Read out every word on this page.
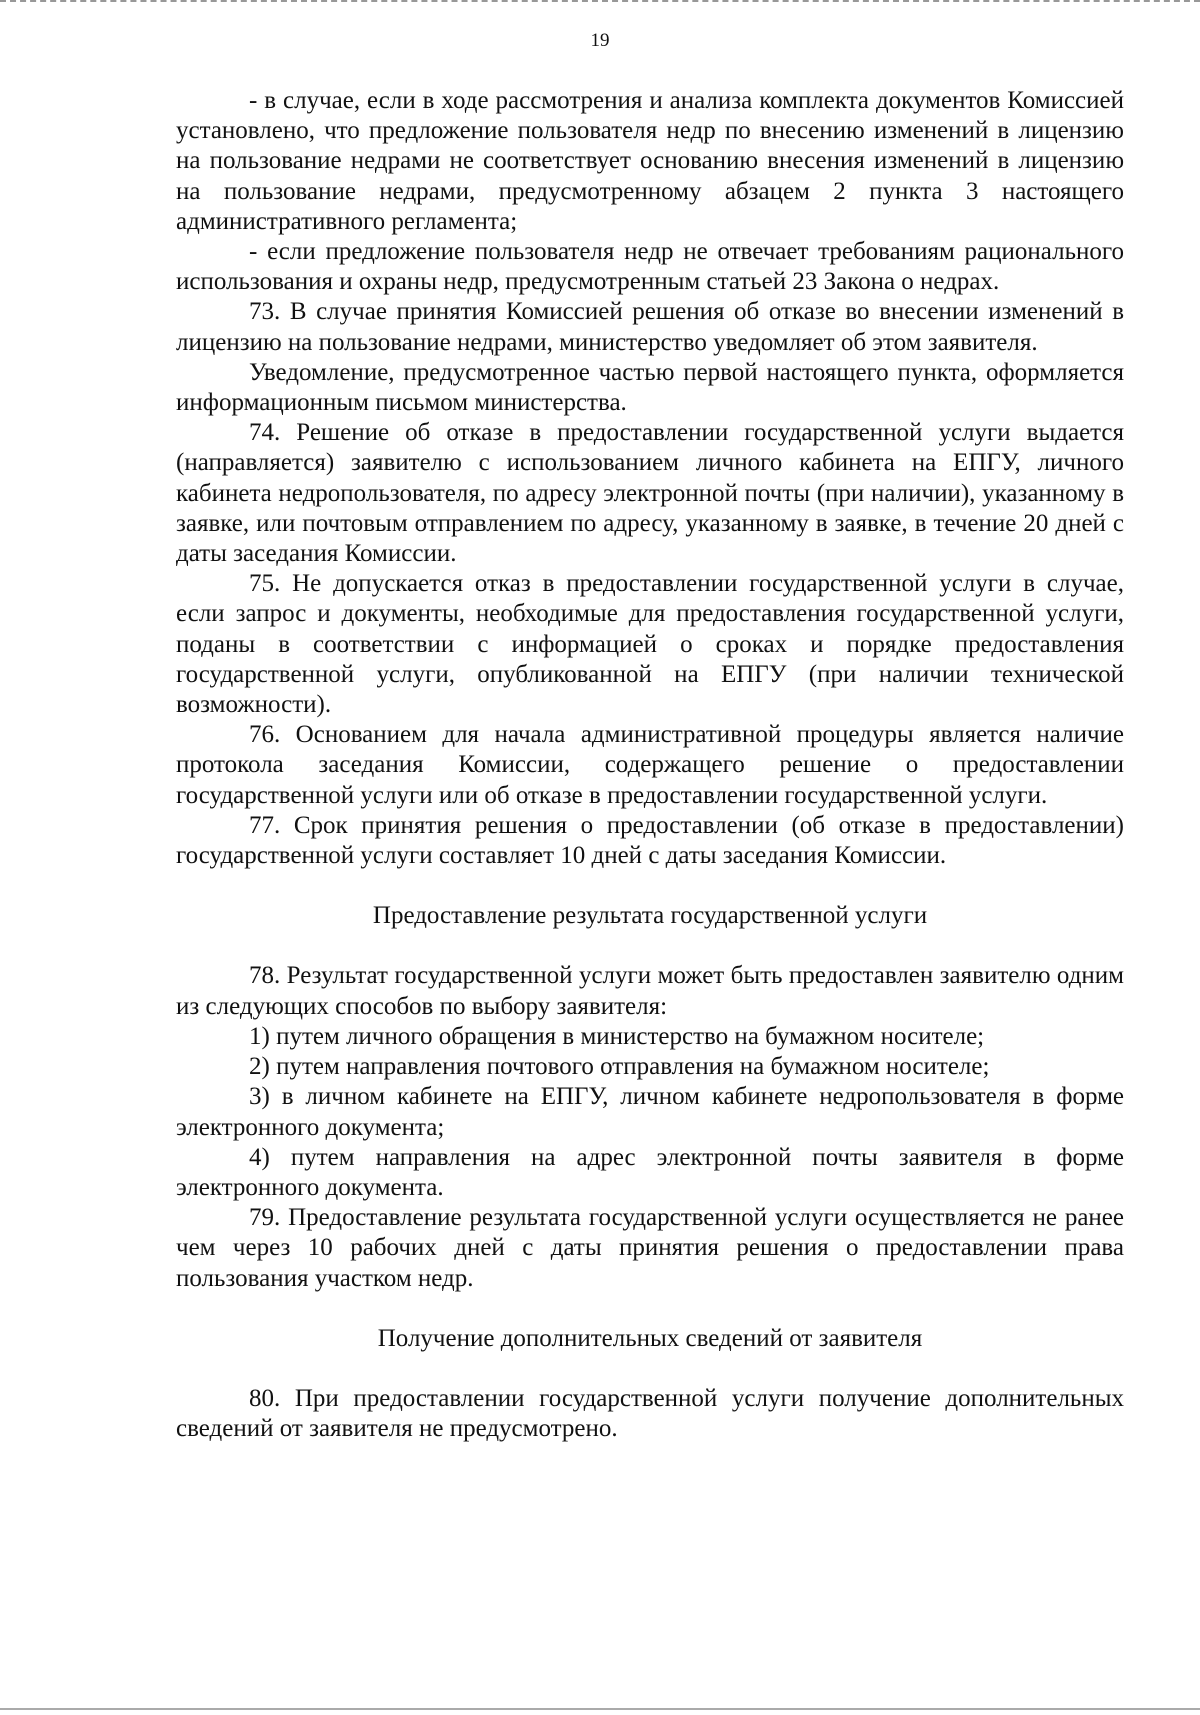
19

- в случае, если в ходе рассмотрения и анализа комплекта документов Комиссией установлено, что предложение пользователя недр по внесению изменений в лицензию на пользование недрами не соответствует основанию внесения изменений в лицензию на пользование недрами, предусмотренному абзацем 2 пункта 3 настоящего административного регламента;

- если предложение пользователя недр не отвечает требованиям рационального использования и охраны недр, предусмотренным статьей 23 Закона о недрах.

73. В случае принятия Комиссией решения об отказе во внесении изменений в лицензию на пользование недрами, министерство уведомляет об этом заявителя.

Уведомление, предусмотренное частью первой настоящего пункта, оформляется информационным письмом министерства.

74. Решение об отказе в предоставлении государственной услуги выдается (направляется) заявителю с использованием личного кабинета на ЕПГУ, личного кабинета недропользователя, по адресу электронной почты (при наличии), указанному в заявке, или почтовым отправлением по адресу, указанному в заявке, в течение 20 дней с даты заседания Комиссии.

75. Не допускается отказ в предоставлении государственной услуги в случае, если запрос и документы, необходимые для предоставления государственной услуги, поданы в соответствии с информацией о сроках и порядке предоставления государственной услуги, опубликованной на ЕПГУ (при наличии технической возможности).

76. Основанием для начала административной процедуры является наличие протокола заседания Комиссии, содержащего решение о предоставлении государственной услуги или об отказе в предоставлении государственной услуги.

77. Срок принятия решения о предоставлении (об отказе в предоставлении) государственной услуги составляет 10 дней с даты заседания Комиссии.

Предоставление результата государственной услуги

78. Результат государственной услуги может быть предоставлен заявителю одним из следующих способов по выбору заявителя:

1) путем личного обращения в министерство на бумажном носителе;

2) путем направления почтового отправления на бумажном носителе;

3) в личном кабинете на ЕПГУ, личном кабинете недропользователя в форме электронного документа;

4) путем направления на адрес электронной почты заявителя в форме электронного документа.

79. Предоставление результата государственной услуги осуществляется не ранее чем через 10 рабочих дней с даты принятия решения о предоставлении права пользования участком недр.

Получение дополнительных сведений от заявителя

80. При предоставлении государственной услуги получение дополнительных сведений от заявителя не предусмотрено.
